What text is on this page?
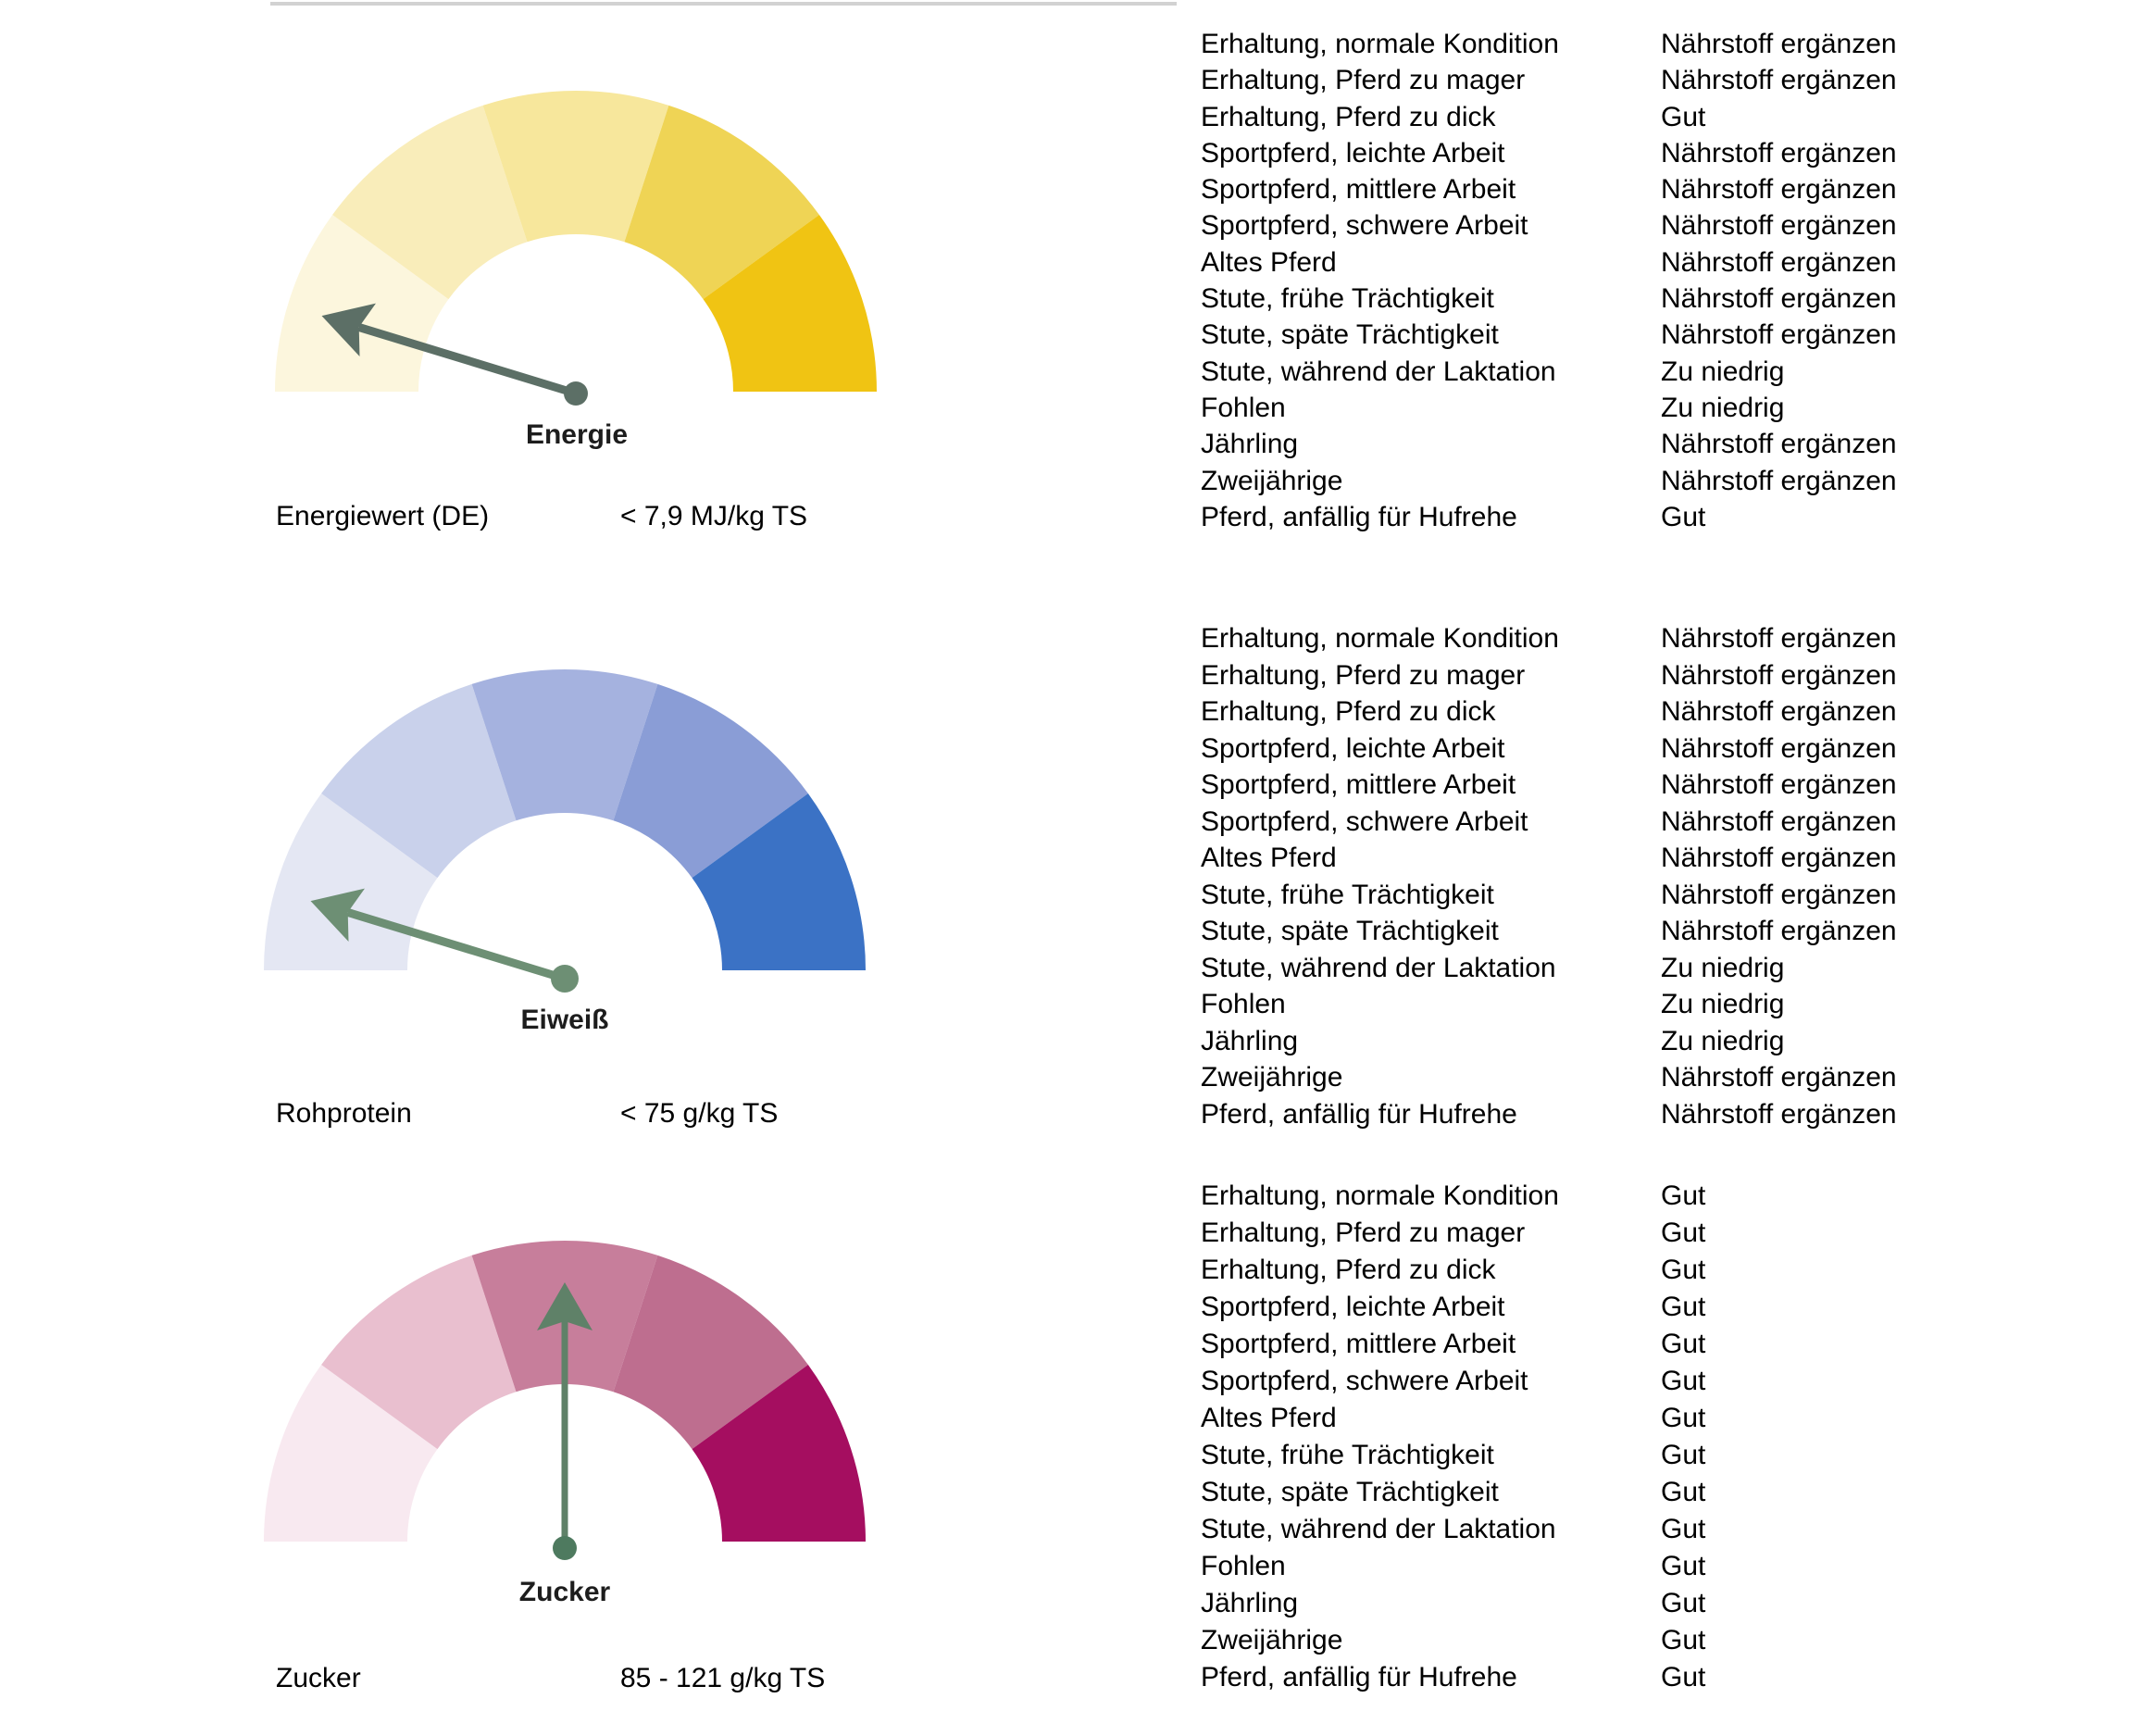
Energie
Energiewert (DE)	< 7,9 MJ/kg TS
Erhaltung, normale Kondition	Nährstoff ergänzen
Erhaltung, Pferd zu mager	Nährstoff ergänzen
Erhaltung, Pferd zu dick	Gut
Sportpferd, leichte Arbeit	Nährstoff ergänzen
Sportpferd, mittlere Arbeit	Nährstoff ergänzen
Sportpferd, schwere Arbeit	Nährstoff ergänzen
Altes Pferd	Nährstoff ergänzen
Stute, frühe Trächtigkeit	Nährstoff ergänzen
Stute, späte Trächtigkeit	Nährstoff ergänzen
Stute, während der Laktation	Zu niedrig
Fohlen	Zu niedrig
Jährling	Nährstoff ergänzen
Zweijährige	Nährstoff ergänzen
Pferd, anfällig für Hufrehe	Gut
Eiweiß
Rohprotein	< 75 g/kg TS
Erhaltung, normale Kondition	Nährstoff ergänzen
Erhaltung, Pferd zu mager	Nährstoff ergänzen
Erhaltung, Pferd zu dick	Nährstoff ergänzen
Sportpferd, leichte Arbeit	Nährstoff ergänzen
Sportpferd, mittlere Arbeit	Nährstoff ergänzen
Sportpferd, schwere Arbeit	Nährstoff ergänzen
Altes Pferd	Nährstoff ergänzen
Stute, frühe Trächtigkeit	Nährstoff ergänzen
Stute, späte Trächtigkeit	Nährstoff ergänzen
Stute, während der Laktation	Zu niedrig
Fohlen	Zu niedrig
Jährling	Zu niedrig
Zweijährige	Nährstoff ergänzen
Pferd, anfällig für Hufrehe	Nährstoff ergänzen
Zucker
Zucker	85 - 121 g/kg TS
Erhaltung, normale Kondition	Gut
Erhaltung, Pferd zu mager	Gut
Erhaltung, Pferd zu dick	Gut
Sportpferd, leichte Arbeit	Gut
Sportpferd, mittlere Arbeit	Gut
Sportpferd, schwere Arbeit	Gut
Altes Pferd	Gut
Stute, frühe Trächtigkeit	Gut
Stute, späte Trächtigkeit	Gut
Stute, während der Laktation	Gut
Fohlen	Gut
Jährling	Gut
Zweijährige	Gut
Pferd, anfällig für Hufrehe	Gut
